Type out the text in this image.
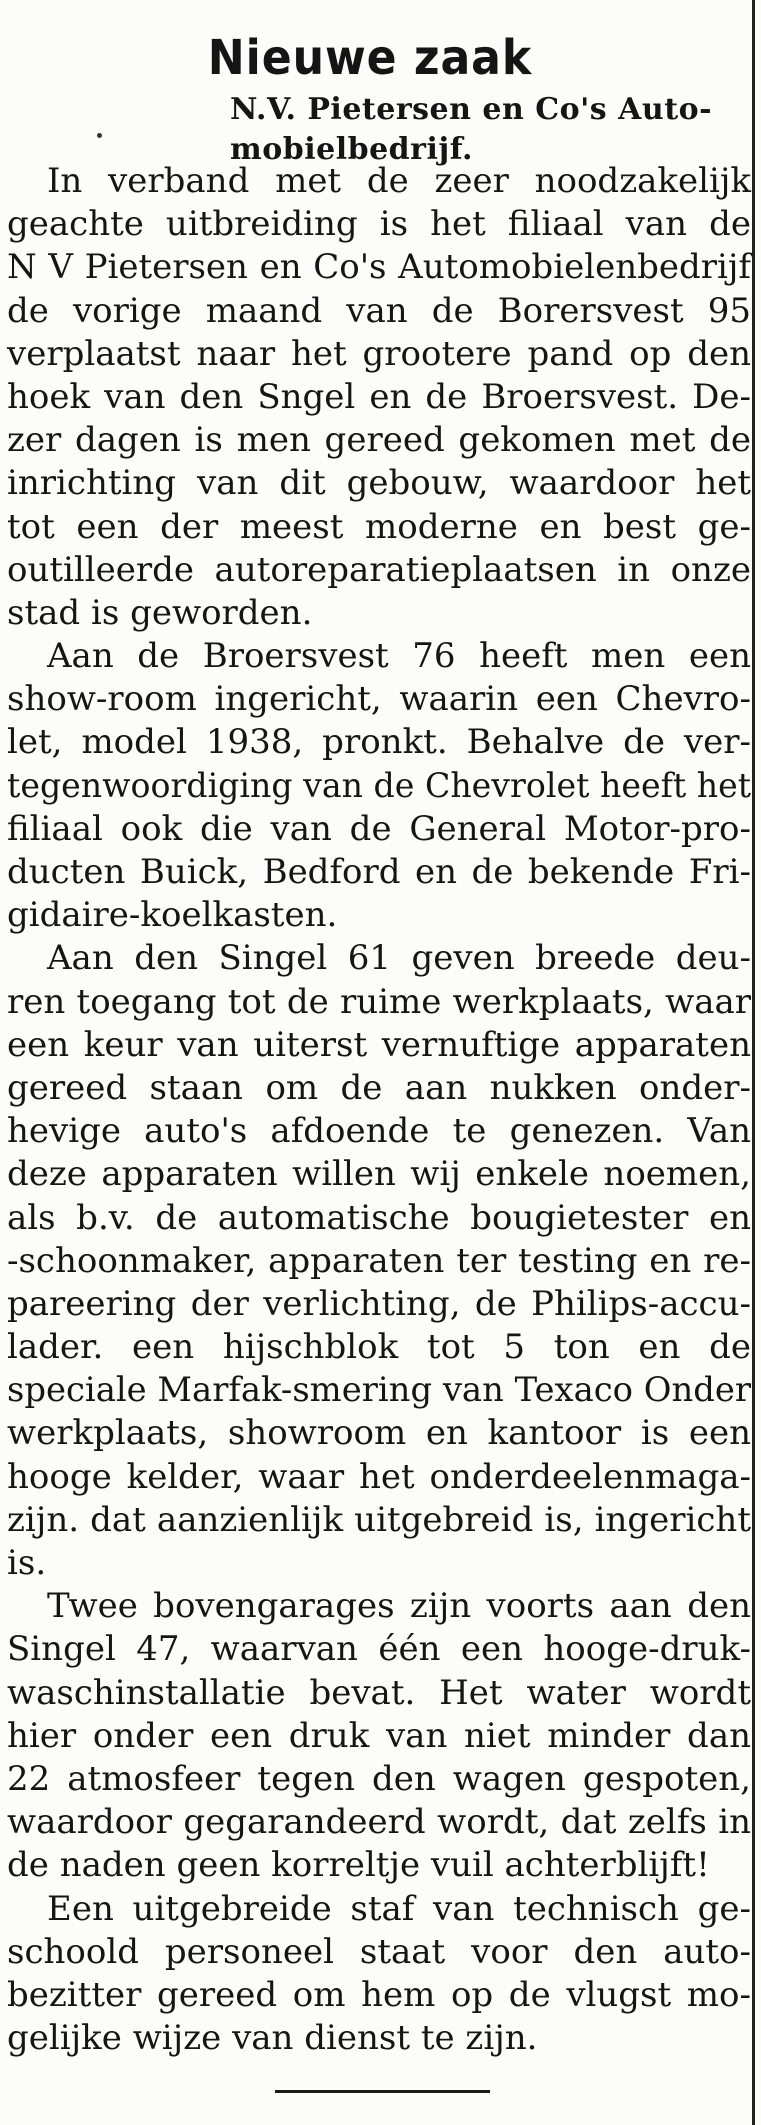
Nieuwe zaak
N.V. Pietersen en Co's Auto-
mobielbedrijf.
In verband met de zeer noodzakelijk
geachte uitbreiding is het filiaal van de
N V Pietersen en Co's Automobielenbedrijf
de vorige maand van de Borersvest 95
verplaatst naar het grootere pand op den
hoek van den Sngel en de Broersvest. De-
zer dagen is men gereed gekomen met de
inrichting van dit gebouw, waardoor het
tot een der meest moderne en best ge-
outilleerde autoreparatieplaatsen in onze
stad is geworden.
Aan de Broersvest 76 heeft men een
show-room ingericht, waarin een Chevro-
let, model 1938, pronkt. Behalve de ver-
tegenwoordiging van de Chevrolet heeft het
filiaal ook die van de General Motor-pro-
ducten Buick, Bedford en de bekende Fri-
gidaire-koelkasten.
Aan den Singel 61 geven breede deu-
ren toegang tot de ruime werkplaats, waar
een keur van uiterst vernuftige apparaten
gereed staan om de aan nukken onder-
hevige auto's afdoende te genezen. Van
deze apparaten willen wij enkele noemen,
als b.v. de automatische bougietester en
-schoonmaker, apparaten ter testing en re-
pareering der verlichting, de Philips-accu-
lader. een hijschblok tot 5 ton en de
speciale Marfak-smering van Texaco Onder
werkplaats, showroom en kantoor is een
hooge kelder, waar het onderdeelenmaga-
zijn. dat aanzienlijk uitgebreid is, ingericht
is.
Twee bovengarages zijn voorts aan den
Singel 47, waarvan één een hooge-druk-
waschinstallatie bevat. Het water wordt
hier onder een druk van niet minder dan
22 atmosfeer tegen den wagen gespoten,
waardoor gegarandeerd wordt, dat zelfs in
de naden geen korreltje vuil achterblijft!
Een uitgebreide staf van technisch ge-
schoold personeel staat voor den auto-
bezitter gereed om hem op de vlugst mo-
gelijke wijze van dienst te zijn.
